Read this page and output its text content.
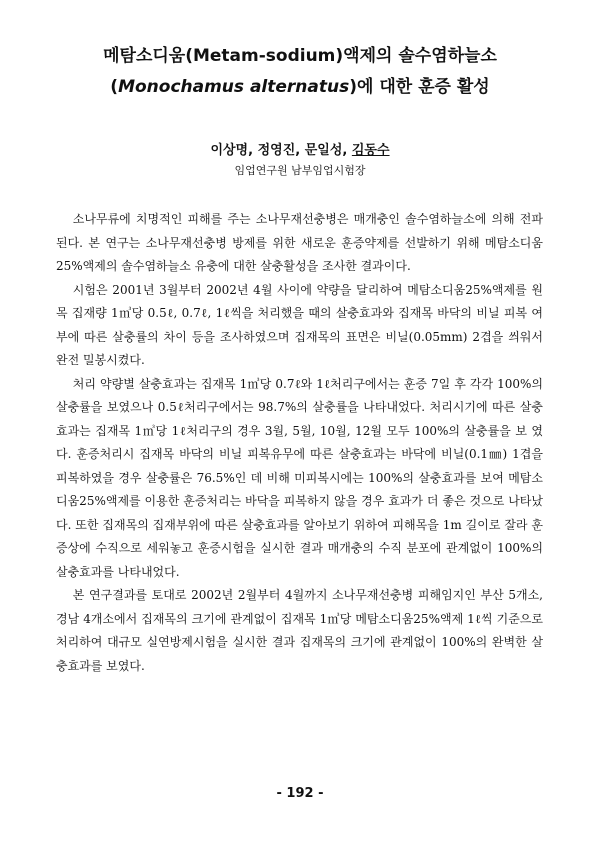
메탐소디움(Metam-sodium)액제의 솔수염하늘소
(Monochamus alternatus)에 대한 훈증 활성
이상명, 정영진, 문일성, 김동수
임업연구원 남부임업시험장

소나무류에 치명적인 피해를 주는 소나무재선충병은 매개충인 솔수염하늘소에 의해 전파된다. 본 연구는 소나무재선충병 방제를 위한 새로운 훈증약제를 선발하기 위해 메탐소디움25%액제의 솔수염하늘소 유충에 대한 살충활성을 조사한 결과이다.

시험은 2001년 3월부터 2002년 4월 사이에 약량을 달리하여 메탐소디움25%액제를 원목 집재량 1㎥당 0.5ℓ, 0.7ℓ, 1ℓ씩을 처리했을 때의 살충효과와 집재목 바닥의 비닐 피복 여부에 따른 살충률의 차이 등을 조사하였으며 집재목의 표면은 비닐(0.05mm) 2겹을 씌워서 완전 밀봉시켰다.

처리 약량별 살충효과는 집재목 1㎥당 0.7ℓ와 1ℓ처리구에서는 훈증 7일 후 각각 100%의 살충률을 보였으나 0.5ℓ처리구에서는 98.7%의 살충률을 나타내었다. 처리시기에 따른 살충효과는 집재목 1㎥당 1ℓ처리구의 경우 3월, 5월, 10월, 12월 모두 100%의 살충률을 보 였다. 훈증처리시 집재목 바닥의 비닐 피복유무에 따른 살충효과는 바닥에 비닐(0.1㎜) 1겹을 피복하였을 경우 살충률은 76.5%인 데 비해 미피복시에는 100%의 살충효과를 보여 메탐소디움25%액제를 이용한 훈증처리는 바닥을 피복하지 않을 경우 효과가 더 좋은 것으로 나타났다. 또한 집재목의 집재부위에 따른 살충효과를 알아보기 위하여 피해목을 1m 길이로 잘라 훈증상에 수직으로 세워놓고 훈증시험을 실시한 결과 매개충의 수직 분포에 관계없이 100%의 살충효과를 나타내었다.

본 연구결과를 토대로 2002년 2월부터 4월까지 소나무재선충병 피해임지인 부산 5개소, 경남 4개소에서 집재목의 크기에 관계없이 집재목 1㎥당 메탐소디움25%액제 1ℓ씩 기준으로 처리하여 대규모 실연방제시험을 실시한 결과 집재목의 크기에 관계없이 100%의 완벽한 살충효과를 보였다.

- 192 -
